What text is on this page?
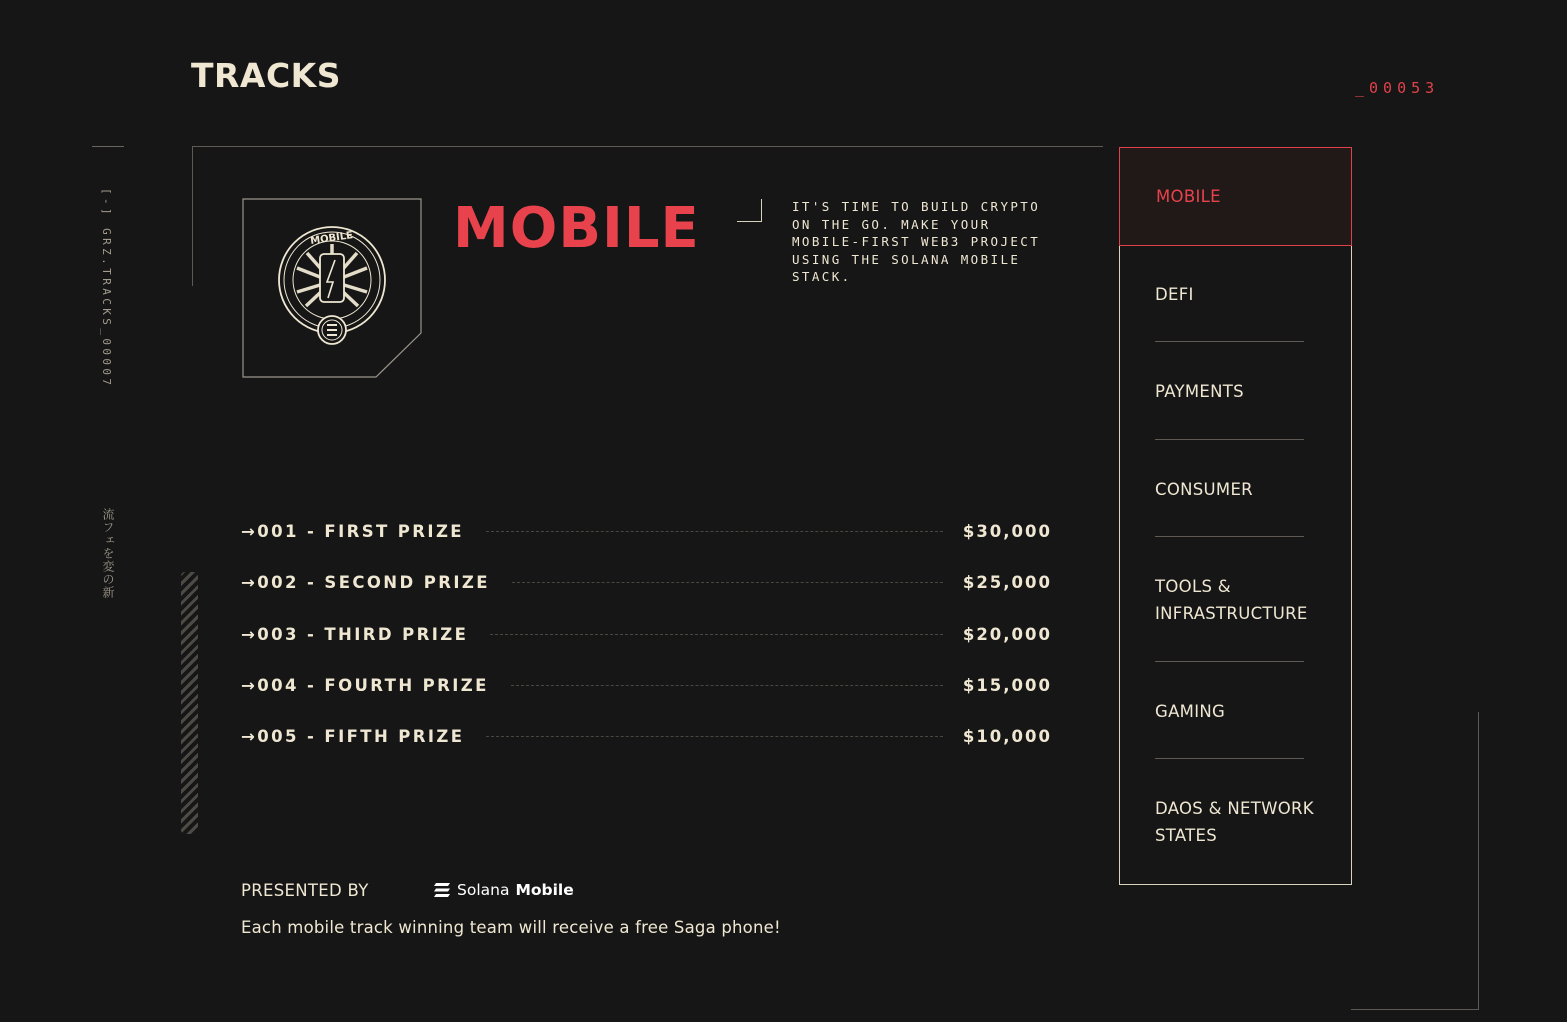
TRACKS	_00053
[-] GRZ.TRACKS_00007
流フェを変の新
MOBILE MOBILE	IT'S TIME TO BUILD CRYPTO ON THE GO. MAKE YOUR MOBILE-FIRST WEB3 PROJECT USING THE SOLANA MOBILE STACK.

→001 - FIRST PRIZE	$30,000
→002 - SECOND PRIZE	$25,000
→003 - THIRD PRIZE	$20,000
→004 - FOURTH PRIZE	$15,000
→005 - FIFTH PRIZE	$10,000
PRESENTED BY	Solana Mobile

Each mobile track winning team will receive a free Saga phone!

MOBILE
DEFI
PAYMENTS
CONSUMER
TOOLS & INFRASTRUCTURE
GAMING
DAOS & NETWORK STATES
